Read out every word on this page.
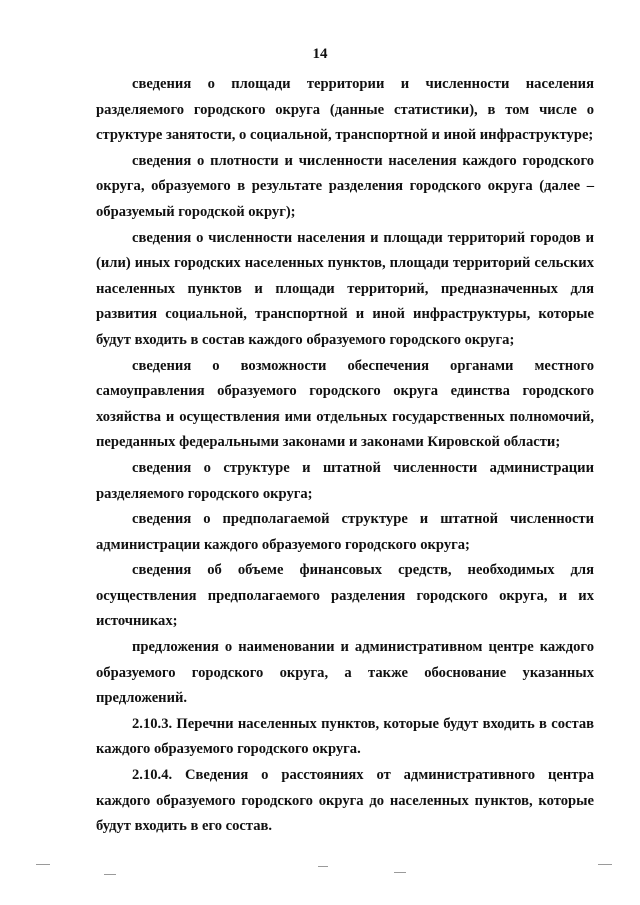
14

сведения о площади территории и численности населения разделяемого городского округа (данные статистики), в том числе о структуре занятости, о социальной, транспортной и иной инфраструктуре;

сведения о плотности и численности населения каждого городского округа, образуемого в результате разделения городского округа (далее – образуемый городской округ);

сведения о численности населения и площади территорий городов и (или) иных городских населенных пунктов, площади территорий сельских населенных пунктов и площади территорий, предназначенных для развития социальной, транспортной и иной инфраструктуры, которые будут входить в состав каждого образуемого городского округа;

сведения о возможности обеспечения органами местного самоуправления образуемого городского округа единства городского хозяйства и осуществления ими отдельных государственных полномочий, переданных федеральными законами и законами Кировской области;

сведения о структуре и штатной численности администрации разделяемого городского округа;

сведения о предполагаемой структуре и штатной численности администрации каждого образуемого городского округа;

сведения об объеме финансовых средств, необходимых для осуществления предполагаемого разделения городского округа, и их источниках;

предложения о наименовании и административном центре каждого образуемого городского округа, а также обоснование указанных предложений.

2.10.3. Перечни населенных пунктов, которые будут входить в состав каждого образуемого городского округа.

2.10.4. Сведения о расстояниях от административного центра каждого образуемого городского округа до населенных пунктов, которые будут входить в его состав.
